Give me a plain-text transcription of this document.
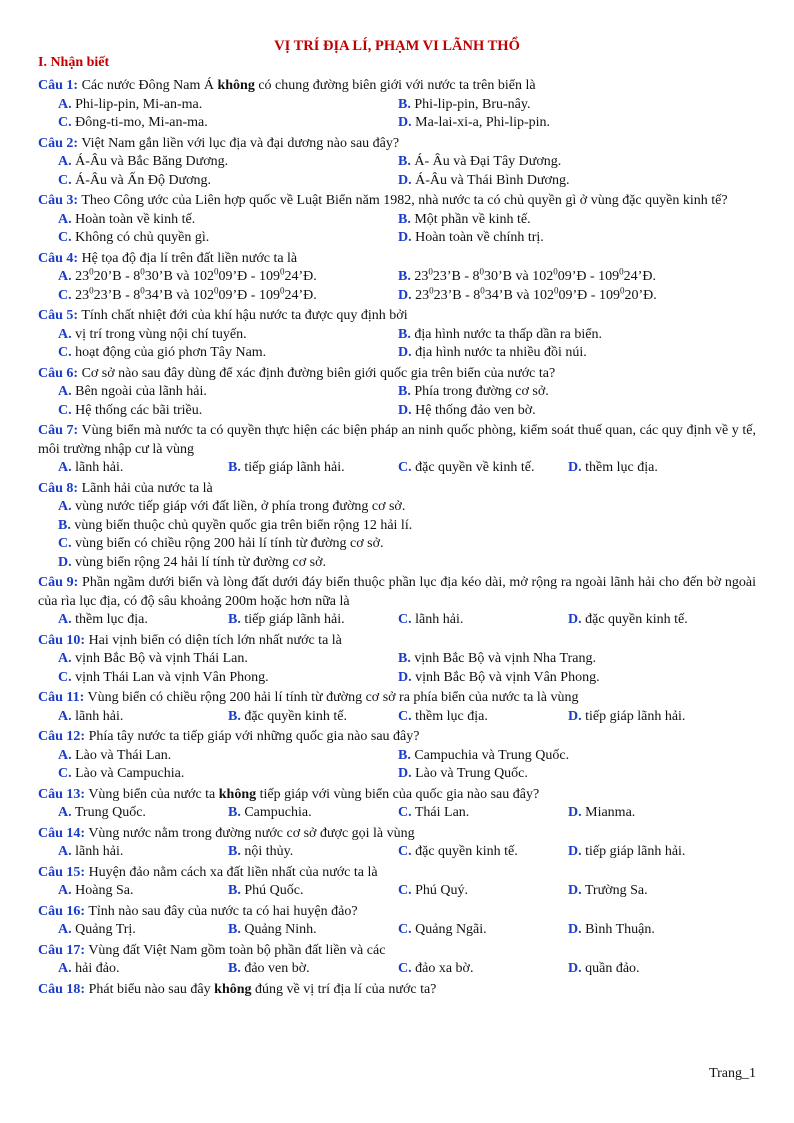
VỊ TRÍ ĐỊA LÍ, PHẠM VI LÃNH THỔ
I. Nhận biết
Câu 1: Các nước Đông Nam Á không có chung đường biên giới với nước ta trên biển là
A. Phi-lip-pin, Mi-an-ma.	B. Phi-lip-pin, Bru-nây.
C. Đông-ti-mo, Mi-an-ma.	D. Ma-lai-xi-a, Phi-lip-pin.
Câu 2: Việt Nam gắn liền với lục địa và đại dương nào sau đây?
A. Á-Âu và Bắc Băng Dương.	B. Á- Âu và Đại Tây Dương.
C. Á-Âu và Ấn Độ Dương.	D. Á-Âu và Thái Bình Dương.
Câu 3: Theo Công ước của Liên hợp quốc về Luật Biển năm 1982, nhà nước ta có chủ quyền gì ở vùng đặc quyền kinh tế?
A. Hoàn toàn về kinh tế.	B. Một phần về kinh tế.
C. Không có chủ quyền gì.	D. Hoàn toàn về chính trị.
Câu 4: Hệ tọa độ địa lí trên đất liền nước ta là
A. $23^020’B$ - $8^030’B$ và $102^009’Đ$ - $109^024’Đ$.	B. $23^023’B$ - $8^030’B$ và $102^009’Đ$ - $109^024’Đ$.
C. $23^023’B$ - $8^034’B$ và $102^009’Đ$ - $109^024’Đ$.	D. $23^023’B$ - $8^034’B$ và $102^009’Đ$ - $109^020’Đ$.
Câu 5: Tính chất nhiệt đới của khí hậu nước ta được quy định bởi
A. vị trí trong vùng nội chí tuyến.	B. địa hình nước ta thấp dần ra biển.
C. hoạt động của gió phơn Tây Nam.	D. địa hình nước ta nhiều đồi núi.
Câu 6: Cơ sở nào sau đây dùng để xác định đường biên giới quốc gia trên biển của nước ta?
A. Bên ngoài của lãnh hải.	B. Phía trong đường cơ sở.
C. Hệ thống các bãi triều.	D. Hệ thống đảo ven bờ.
Câu 7: Vùng biển mà nước ta có quyền thực hiện các biện pháp an ninh quốc phòng, kiểm soát thuế quan, các quy định về y tế, môi trường nhập cư là vùng
A. lãnh hải.	B. tiếp giáp lãnh hải.	C. đặc quyền về kinh tế.	D. thềm lục địa.
Câu 8: Lãnh hải của nước ta là
A. vùng nước tiếp giáp với đất liền, ở phía trong đường cơ sở.
B. vùng biển thuộc chủ quyền quốc gia trên biển rộng 12 hải lí.
C. vùng biển có chiều rộng 200 hải lí tính từ đường cơ sở.
D. vùng biển rộng 24 hải lí tính từ đường cơ sở.
Câu 9: Phần ngầm dưới biển và lòng đất dưới đáy biển thuộc phần lục địa kéo dài, mở rộng ra ngoài lãnh hải cho đến bờ ngoài của rìa lục địa, có độ sâu khoảng 200m hoặc hơn nữa là
A. thềm lục địa.	B. tiếp giáp lãnh hải.	C. lãnh hải.	D. đặc quyền kinh tế.
Câu 10: Hai vịnh biển có diện tích lớn nhất nước ta là
A. vịnh Bắc Bộ và vịnh Thái Lan.	B. vịnh Bắc Bộ và vịnh Nha Trang.
C. vịnh Thái Lan và vịnh Vân Phong.	D. vịnh Bắc Bộ và vịnh Vân Phong.
Câu 11: Vùng biển có chiều rộng 200 hải lí tính từ đường cơ sở ra phía biển của nước ta là vùng
A. lãnh hải.	B. đặc quyền kinh tế.	C. thềm lục địa.	D. tiếp giáp lãnh hải.
Câu 12: Phía tây nước ta tiếp giáp với những quốc gia nào sau đây?
A. Lào và Thái Lan.	B. Campuchia và Trung Quốc.
C. Lào và Campuchia.	D. Lào và Trung Quốc.
Câu 13: Vùng biển của nước ta không tiếp giáp với vùng biển của quốc gia nào sau đây?
A. Trung Quốc.	B. Campuchia.	C. Thái Lan.	D. Mianma.
Câu 14: Vùng nước nằm trong đường nước cơ sở được gọi là vùng
A. lãnh hải.	B. nội thủy.	C. đặc quyền kinh tế.	D. tiếp giáp lãnh hải.
Câu 15: Huyện đảo nằm cách xa đất liền nhất của nước ta là
A. Hoàng Sa.	B. Phú Quốc.	C. Phú Quý.	D. Trường Sa.
Câu 16: Tỉnh nào sau đây của nước ta có hai huyện đảo?
A. Quảng Trị.	B. Quảng Ninh.	C. Quảng Ngãi.	D. Bình Thuận.
Câu 17: Vùng đất Việt Nam gồm toàn bộ phần đất liền và các
A. hải đảo.	B. đảo ven bờ.	C. đảo xa bờ.	D. quần đảo.
Câu 18: Phát biểu nào sau đây không đúng về vị trí địa lí của nước ta?
Trang_1
